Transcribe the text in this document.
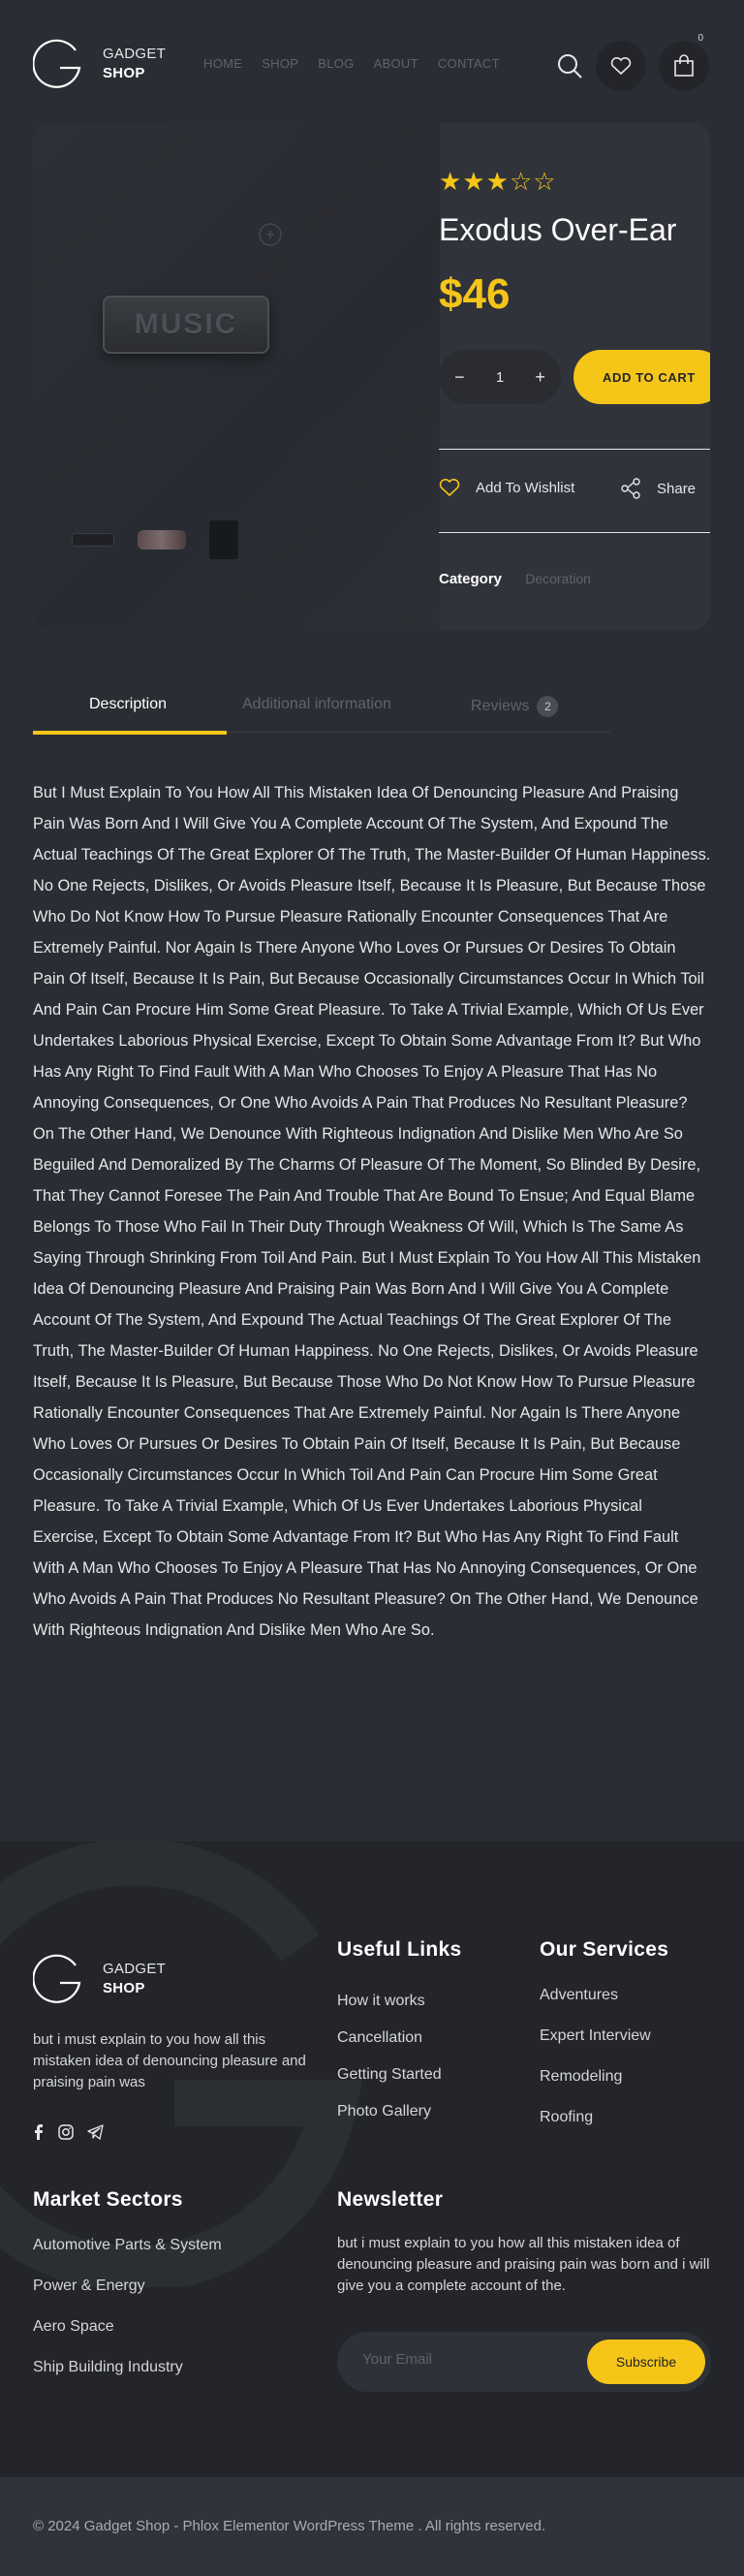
GADGET
SHOP
HOME SHOP BLOG ABOUT CONTACT
0
MUSIC
★★★☆☆
Exodus Over-Ear
$46
− 1 +	ADD TO CART
Add To Wishlist	Share
Category Decoration
Description	Additional information	Reviews	2
But I Must Explain To You How All This Mistaken Idea Of Denouncing Pleasure And Praising Pain Was Born And I Will Give You A Complete Account Of The System, And Expound The Actual Teachings Of The Great Explorer Of The Truth, The Master-Builder Of Human Happiness. No One Rejects, Dislikes, Or Avoids Pleasure Itself, Because It Is Pleasure, But Because Those Who Do Not Know How To Pursue Pleasure Rationally Encounter Consequences That Are Extremely Painful. Nor Again Is There Anyone Who Loves Or Pursues Or Desires To Obtain Pain Of Itself, Because It Is Pain, But Because Occasionally Circumstances Occur In Which Toil And Pain Can Procure Him Some Great Pleasure. To Take A Trivial Example, Which Of Us Ever Undertakes Laborious Physical Exercise, Except To Obtain Some Advantage From It? But Who Has Any Right To Find Fault With A Man Who Chooses To Enjoy A Pleasure That Has No Annoying Consequences, Or One Who Avoids A Pain That Produces No Resultant Pleasure? On The Other Hand, We Denounce With Righteous Indignation And Dislike Men Who Are So Beguiled And Demoralized By The Charms Of Pleasure Of The Moment, So Blinded By Desire, That They Cannot Foresee The Pain And Trouble That Are Bound To Ensue; And Equal Blame Belongs To Those Who Fail In Their Duty Through Weakness Of Will, Which Is The Same As Saying Through Shrinking From Toil And Pain. But I Must Explain To You How All This Mistaken Idea Of Denouncing Pleasure And Praising Pain Was Born And I Will Give You A Complete Account Of The System, And Expound The Actual Teachings Of The Great Explorer Of The Truth, The Master-Builder Of Human Happiness. No One Rejects, Dislikes, Or Avoids Pleasure Itself, Because It Is Pleasure, But Because Those Who Do Not Know How To Pursue Pleasure Rationally Encounter Consequences That Are Extremely Painful. Nor Again Is There Anyone Who Loves Or Pursues Or Desires To Obtain Pain Of Itself, Because It Is Pain, But Because Occasionally Circumstances Occur In Which Toil And Pain Can Procure Him Some Great Pleasure. To Take A Trivial Example, Which Of Us Ever Undertakes Laborious Physical Exercise, Except To Obtain Some Advantage From It? But Who Has Any Right To Find Fault With A Man Who Chooses To Enjoy A Pleasure That Has No Annoying Consequences, Or One Who Avoids A Pain That Produces No Resultant Pleasure? On The Other Hand, We Denounce With Righteous Indignation And Dislike Men Who Are So.
GADGET
SHOP
but i must explain to you how all this mistaken idea of denouncing pleasure and praising pain was
Useful Links
How it works
Cancellation
Getting Started
Photo Gallery
Our Services
Adventures
Expert Interview
Remodeling
Roofing
Market Sectors
Automotive Parts & System
Power & Energy
Aero Space
Ship Building Industry
Newsletter
but i must explain to you how all this mistaken idea of denouncing pleasure and praising pain was born and i will give you a complete account of the.
Your Email
Subscribe
© 2024 Gadget Shop - Phlox Elementor WordPress Theme . All rights reserved.
